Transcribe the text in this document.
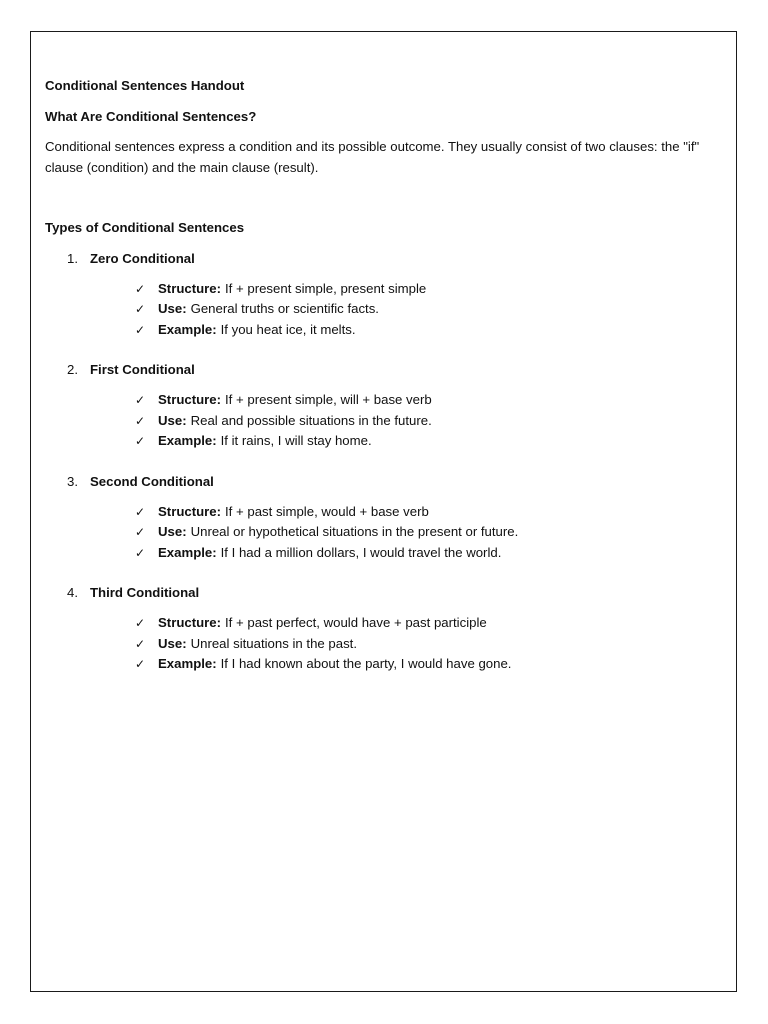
Conditional Sentences Handout

What Are Conditional Sentences?

Conditional sentences express a condition and its possible outcome. They usually consist of two clauses: the "if" clause (condition) and the main clause (result).

Types of Conditional Sentences

1. Zero Conditional
✓ Structure: If + present simple, present simple
✓ Use: General truths or scientific facts.
✓ Example: If you heat ice, it melts.
2. First Conditional
✓ Structure: If + present simple, will + base verb
✓ Use: Real and possible situations in the future.
✓ Example: If it rains, I will stay home.
3. Second Conditional
✓ Structure: If + past simple, would + base verb
✓ Use: Unreal or hypothetical situations in the present or future.
✓ Example: If I had a million dollars, I would travel the world.
4. Third Conditional
✓ Structure: If + past perfect, would have + past participle
✓ Use: Unreal situations in the past.
✓ Example: If I had known about the party, I would have gone.
